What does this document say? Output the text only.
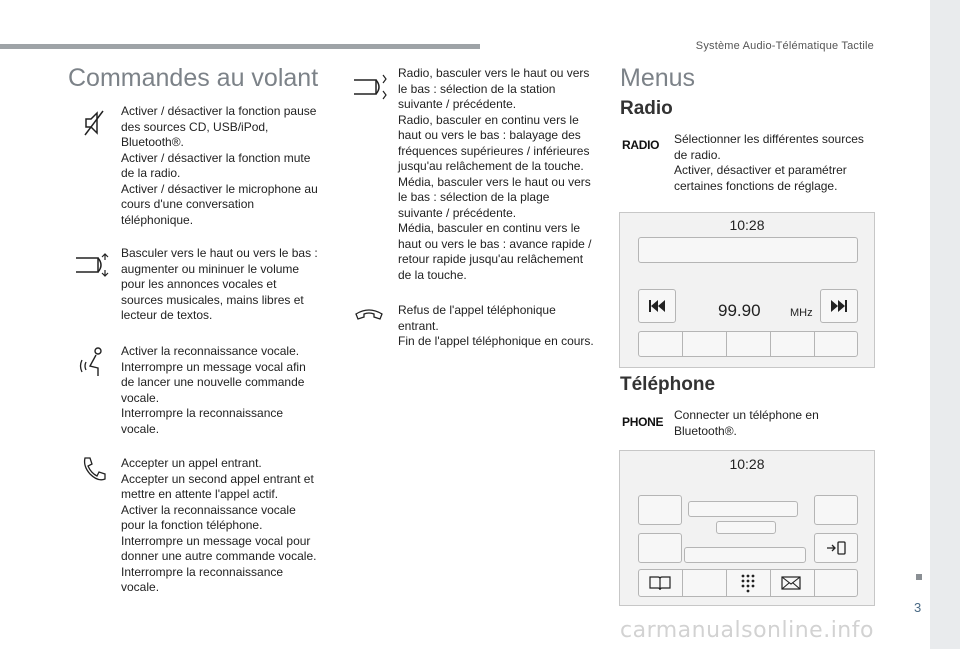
Système Audio-Télématique Tactile
Commandes au volant
Activer / désactiver la fonction pause des sources CD, USB/iPod, Bluetooth®.
Activer / désactiver la fonction mute de la radio.
Activer / désactiver le microphone au cours d'une conversation téléphonique.
Basculer vers le haut ou vers le bas : augmenter ou mininuer le volume pour les annonces vocales et sources musicales, mains libres et lecteur de textos.
Activer la reconnaissance vocale.
Interrompre un message vocal afin de lancer une nouvelle commande vocale.
Interrompre la reconnaissance vocale.
Accepter un appel entrant.
Accepter un second appel entrant et mettre en attente l'appel actif.
Activer la reconnaissance vocale pour la fonction téléphone.
Interrompre un message vocal pour donner une autre commande vocale.
Interrompre la reconnaissance vocale.
Radio, basculer vers le haut ou vers le bas : sélection de la station suivante / précédente.
Radio, basculer en continu vers le haut ou vers le bas : balayage des fréquences supérieures / inférieures jusqu'au relâchement de la touche.
Média, basculer vers le haut ou vers le bas : sélection de la plage suivante / précédente.
Média, basculer en continu vers le haut ou vers le bas : avance rapide / retour rapide jusqu'au relâchement de la touche.
Refus de l'appel téléphonique entrant.
Fin de l'appel téléphonique en cours.
Menus
Radio
RADIO Sélectionner les différentes sources de radio.
Activer, désactiver et paramétrer certaines fonctions de réglage.
10:28
99.90	MHz
Téléphone
PHONE Connecter un téléphone en Bluetooth®.
10:28
3
carmanualsonline.info
